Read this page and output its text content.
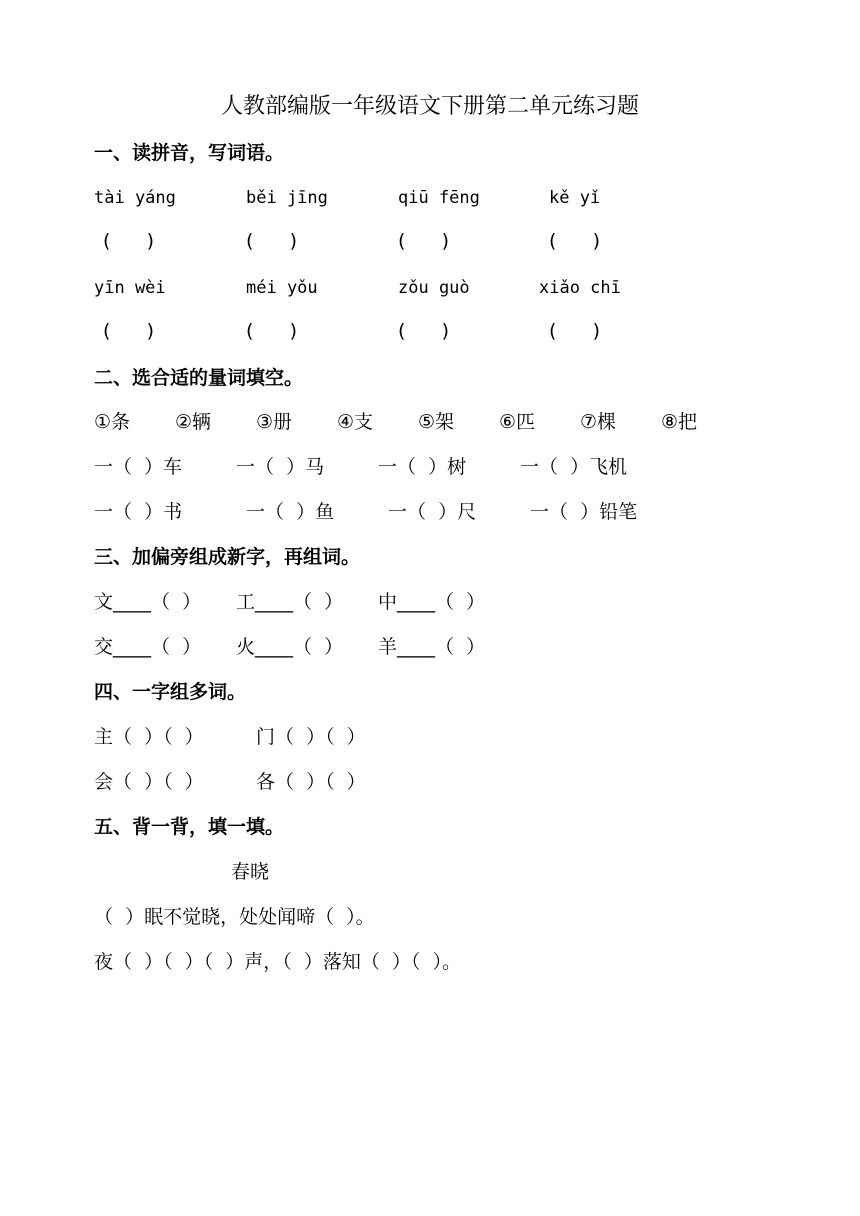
人教部编版一年级语文下册第二单元练习题
一、读拼音，写词语。
tài yáng	běi jīng	qiū fēng	kě yǐ
(      )	(      )	(      )	(      )
yīn wèi	méi yǒu	zǒu guò	xiǎo chī
(      )	(      )	(      )	(      )
二、选合适的量词填空。
①条 ②辆 ③册 ④支 ⑤架 ⑥匹 ⑦棵 ⑧把
一（  ）车	一（  ）马	一（  ）树	一（  ）飞机
一（  ）书	一（  ）鱼	一（  ）尺	一（  ）铅笔
三、加偏旁组成新字，再组词。
文____（  ） 工____（  ） 中____（  ）
交____（  ） 火____（  ） 羊____（  ）
四、一字组多词。
主（  ）（  ）	门（  ）（  ）
会（  ）（  ）	各（  ）（  ）
五、背一背，填一填。
春晓
（  ）眠不觉晓，处处闻啼（  ）。
夜（  ）（  ）（  ）声，（  ）落知（  ）（  ）。
